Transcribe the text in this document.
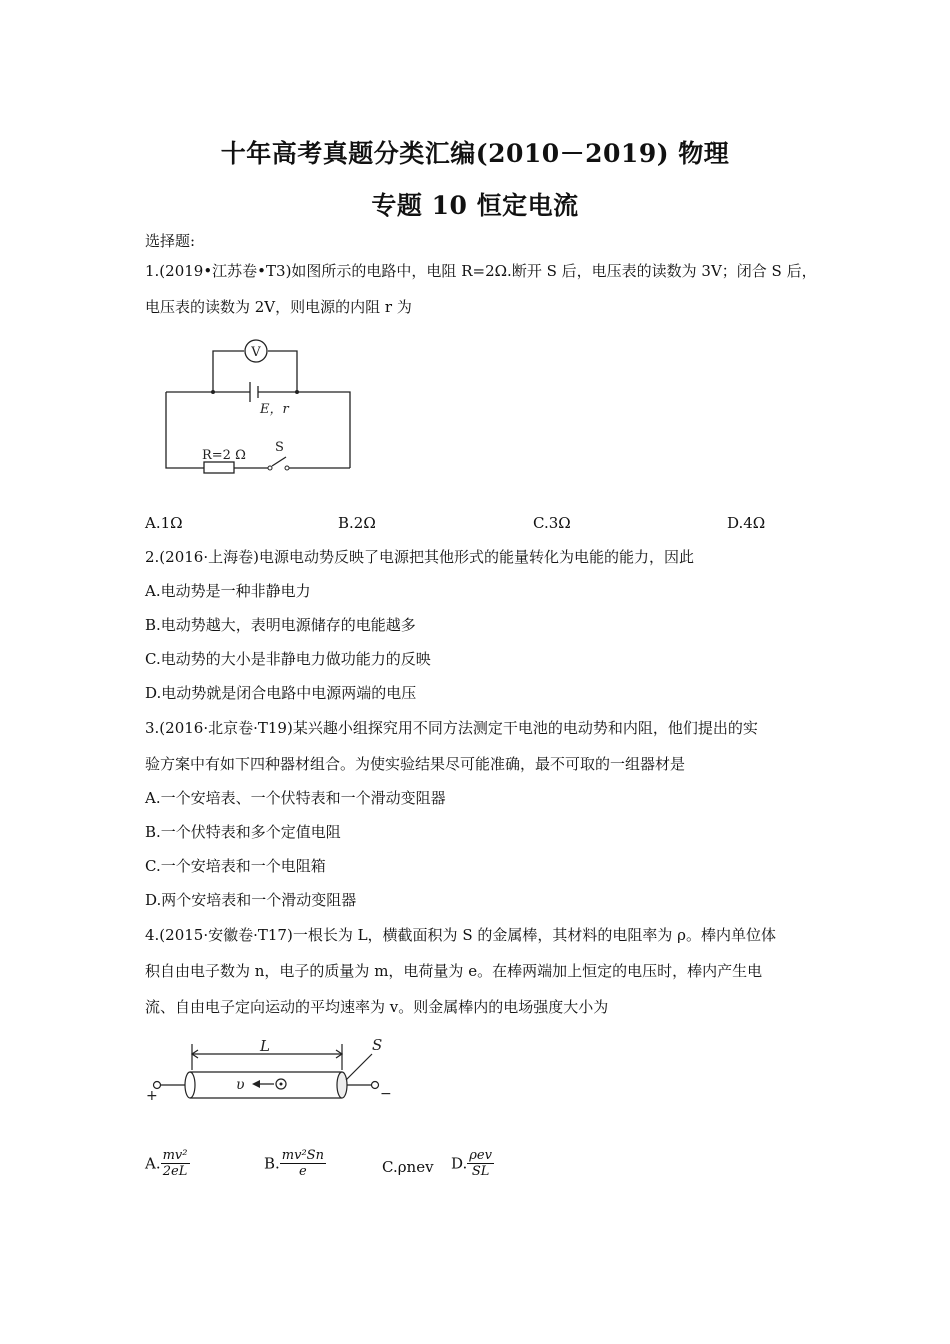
十年高考真题分类汇编(2010－2019) 物理
专题 10 恒定电流
选择题:
1.(2019•江苏卷•T3)如图所示的电路中，电阻 R=2Ω.断开 S 后，电压表的读数为 3V；闭合 S 后，
电压表的读数为 2V，则电源的内阻 r 为
V
E，r
R=2 Ω
S
A.1Ω	B.2Ω	C.3Ω	D.4Ω
2.(2016·上海卷)电源电动势反映了电源把其他形式的能量转化为电能的能力，因此
A.电动势是一种非静电力
B.电动势越大，表明电源储存的电能越多
C.电动势的大小是非静电力做功能力的反映
D.电动势就是闭合电路中电源两端的电压
3.(2016·北京卷·T19)某兴趣小组探究用不同方法测定干电池的电动势和内阻，他们提出的实
验方案中有如下四种器材组合。为使实验结果尽可能准确，最不可取的一组器材是
A.一个安培表、一个伏特表和一个滑动变阻器
B.一个伏特表和多个定值电阻
C.一个安培表和一个电阻箱
D.两个安培表和一个滑动变阻器
4.(2015·安徽卷·T17)一根长为 L，横截面积为 S 的金属棒，其材料的电阻率为 ρ。棒内单位体
积自由电子数为 n，电子的质量为 m，电荷量为 e。在棒两端加上恒定的电压时，棒内产生电
流、自由电子定向运动的平均速率为 v。则金属棒内的电场强度大小为
L	S
υ
+	−
A. $\frac{\text{mv²}}{2eL}$	B. $\frac{\text{mv²Sn}}{e}$	C.ρnev D. $\frac{\text{ρev}}{SL}$
